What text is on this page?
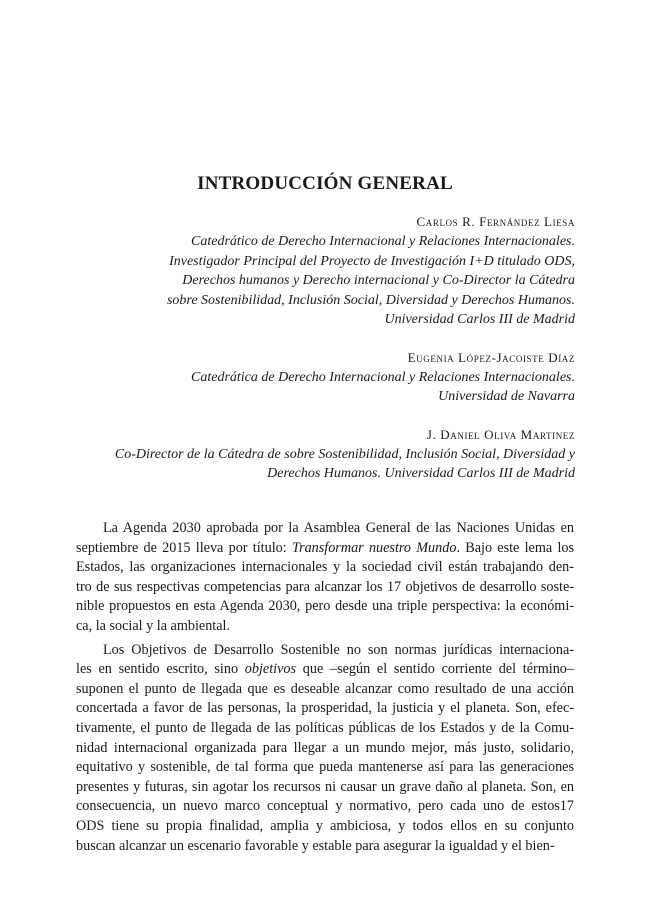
INTRODUCCIÓN GENERAL
Carlos R. Fernández Liesa
Catedrático de Derecho Internacional y Relaciones Internacionales.
Investigador Principal del Proyecto de Investigación I+D titulado ODS,
Derechos humanos y Derecho internacional y Co-Director la Cátedra
sobre Sostenibilidad, Inclusión Social, Diversidad y Derechos Humanos.
Universidad Carlos III de Madrid
Eugenia López-Jacoiste Díaz
Catedrática de Derecho Internacional y Relaciones Internacionales.
Universidad de Navarra
J. Daniel Oliva Martinez
Co-Director de la Cátedra de sobre Sostenibilidad, Inclusión Social, Diversidad y
Derechos Humanos. Universidad Carlos III de Madrid
La Agenda 2030 aprobada por la Asamblea General de las Naciones Unidas en
septiembre de 2015 lleva por título: Transformar nuestro Mundo. Bajo este lema los
Estados, las organizaciones internacionales y la sociedad civil están trabajando den-
tro de sus respectivas competencias para alcanzar los 17 objetivos de desarrollo soste-
nible propuestos en esta Agenda 2030, pero desde una triple perspectiva: la económi-
ca, la social y la ambiental.
Los Objetivos de Desarrollo Sostenible no son normas jurídicas internaciona-
les en sentido escrito, sino objetivos que –según el sentido corriente del término–
suponen el punto de llegada que es deseable alcanzar como resultado de una acción
concertada a favor de las personas, la prosperidad, la justicia y el planeta. Son, efec-
tivamente, el punto de llegada de las políticas públicas de los Estados y de la Comu-
nidad internacional organizada para llegar a un mundo mejor, más justo, solidario,
equitativo y sostenible, de tal forma que pueda mantenerse así para las generaciones
presentes y futuras, sin agotar los recursos ni causar un grave daño al planeta. Son, en
consecuencia, un nuevo marco conceptual y normativo, pero cada uno de estos17
ODS tiene su propia finalidad, amplia y ambiciosa, y todos ellos en su conjunto
buscan alcanzar un escenario favorable y estable para asegurar la igualdad y el bien-
